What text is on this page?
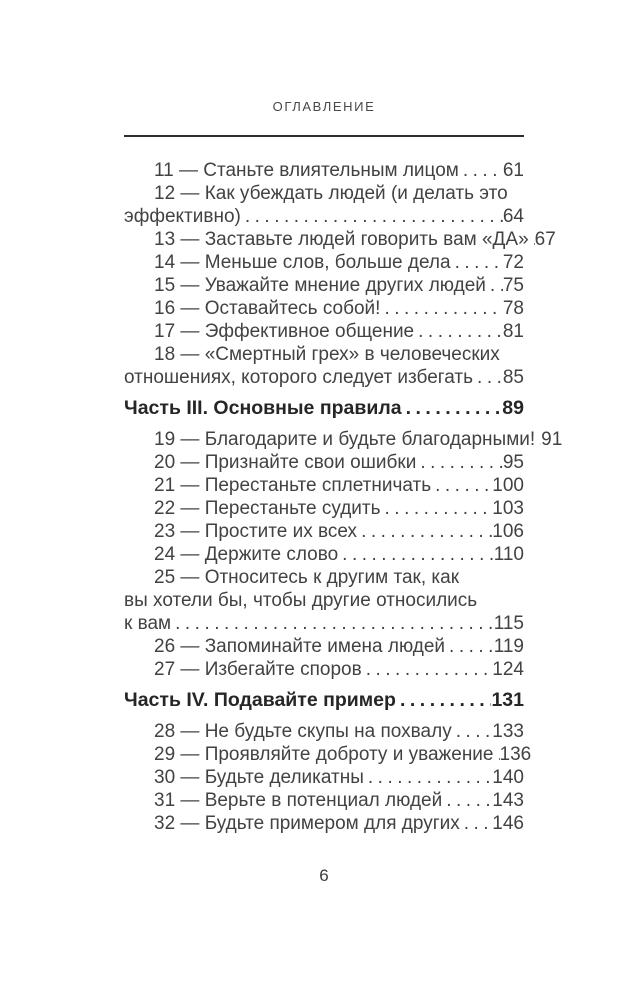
ОГЛАВЛЕНИЕ
11 — Станьте влиятельным лицом ..... 61
12 — Как убеждать людей (и делать это
эффективно) .....	64
13 — Заставьте людей говорить вам «ДА» ..... 67
14 — Меньше слов, больше дела .....	72
15 — Уважайте мнение других людей ..... 75
16 — Оставайтесь собой! .....	78
17 — Эффективное общение .....	81
18 — «Смертный грех» в человеческих
отношениях, которого следует избегать ..... 85
Часть III. Основные правила .....	89
19 — Благодарите и будьте благодарными! ..... 91
20 — Признайте свои ошибки .....	95
21 — Перестаньте сплетничать .....	100
22 — Перестаньте судить .....	103
23 — Простите их всех .....	106
24 — Держите слово .....	110
25 — Относитесь к другим так, как
вы хотели бы, чтобы другие относились
к вам .....	115
26 — Запоминайте имена людей .....	119
27 — Избегайте споров .....	124
Часть IV. Подавайте пример .....	131
28 — Не будьте скупы на похвалу ..... 133
29 — Проявляйте доброту и уважение ..... 136
30 — Будьте деликатны .....	140
31 — Верьте в потенциал людей .....	143
32 — Будьте примером для других ..... 146
6
